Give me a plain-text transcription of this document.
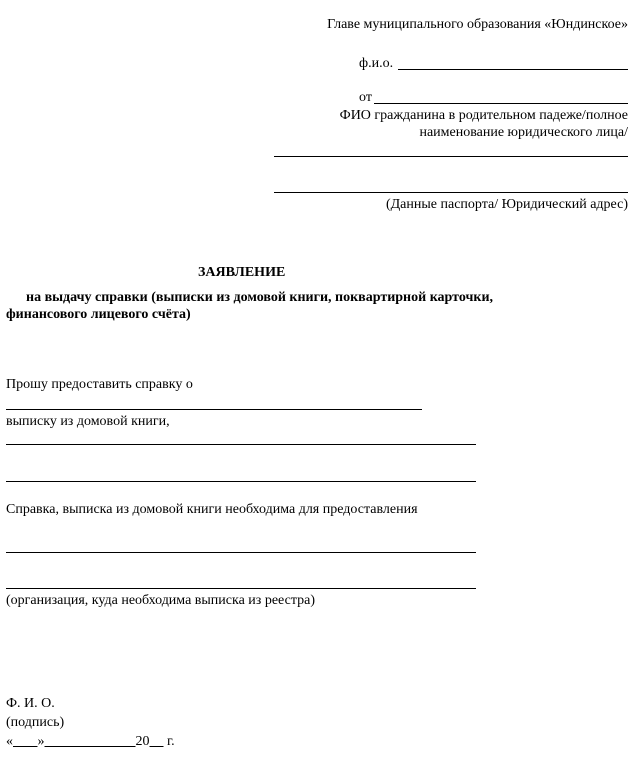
Главе муниципального образования «Юндинское»
ф.и.о.
от
ФИО гражданина в родительном падеже/полное
наименование юридического лица/
(Данные паспорта/ Юридический адрес)
ЗАЯВЛЕНИЕ
на выдачу справки (выписки из домовой книги, поквартирной карточки,
финансового лицевого счёта)
Прошу предоставить справку о
выписку из домовой книги,
Справка, выписка из домовой книги необходима для предоставления
(организация, куда необходима выписка из реестра)
Ф. И. О.
(подпись)
« »	20 г.
